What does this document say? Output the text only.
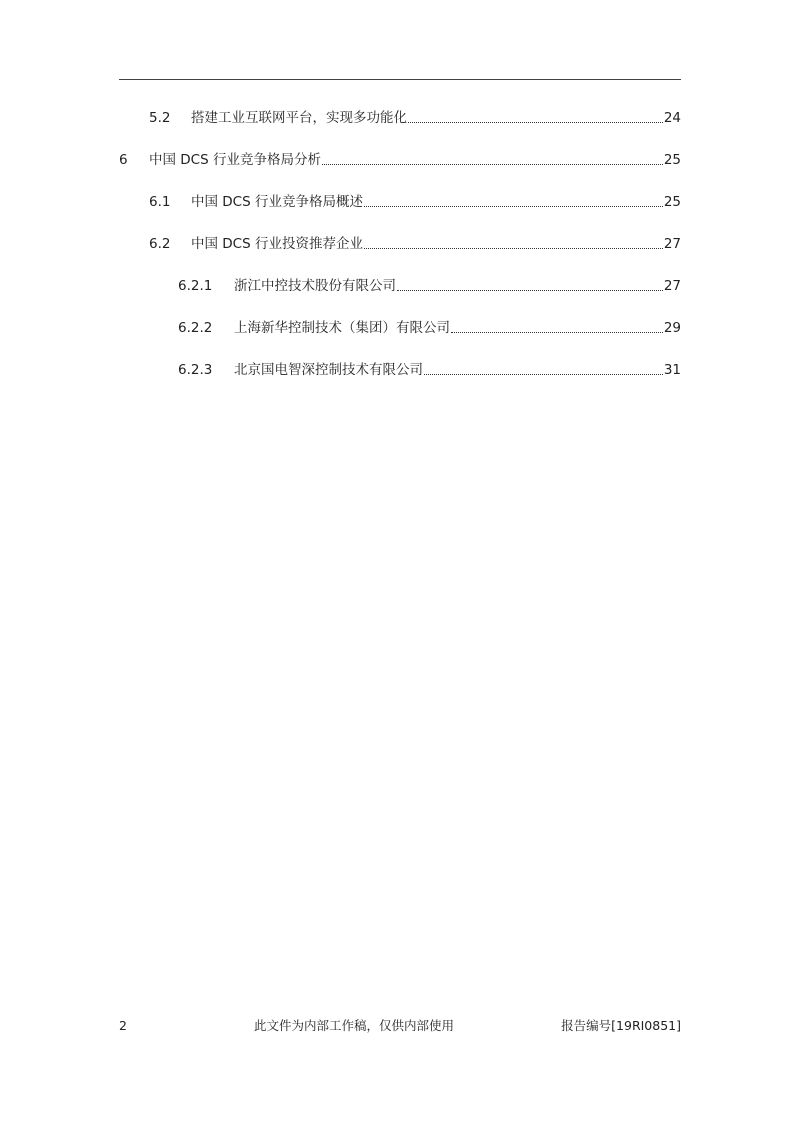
5.2	搭建工业互联网平台，实现多功能化	24
6	中国 DCS 行业竞争格局分析	25
6.1	中国 DCS 行业竞争格局概述	25
6.2	中国 DCS 行业投资推荐企业	27
6.2.1	浙江中控技术股份有限公司	27
6.2.2	上海新华控制技术（集团）有限公司	29
6.2.3	北京国电智深控制技术有限公司	31
2	此文件为内部工作稿，仅供内部使用	报告编号[19RI0851]
